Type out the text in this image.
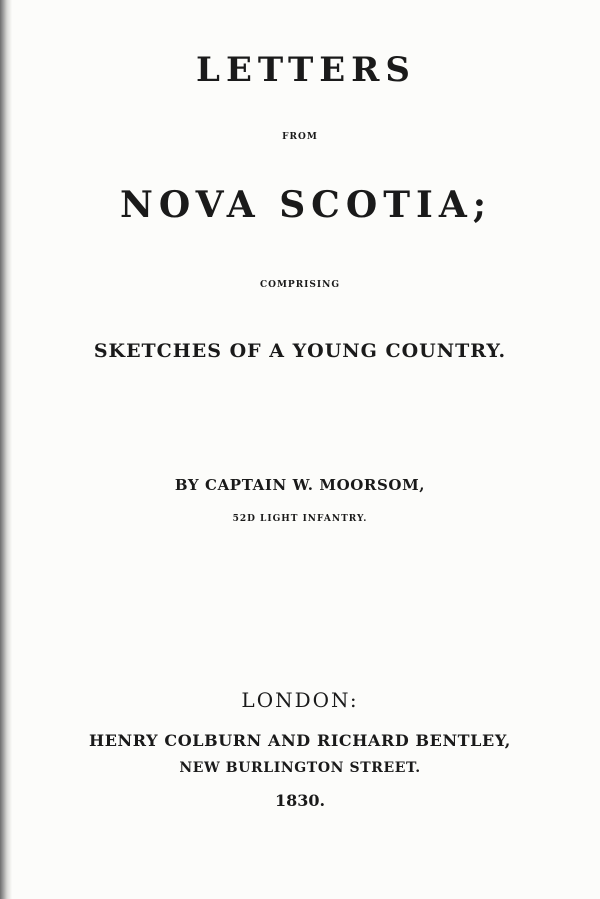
LETTERS

FROM

NOVA SCOTIA;

COMPRISING

SKETCHES OF A YOUNG COUNTRY.

BY CAPTAIN W. MOORSOM,

52D LIGHT INFANTRY.

LONDON:

HENRY COLBURN AND RICHARD BENTLEY,

NEW BURLINGTON STREET.

1830.
